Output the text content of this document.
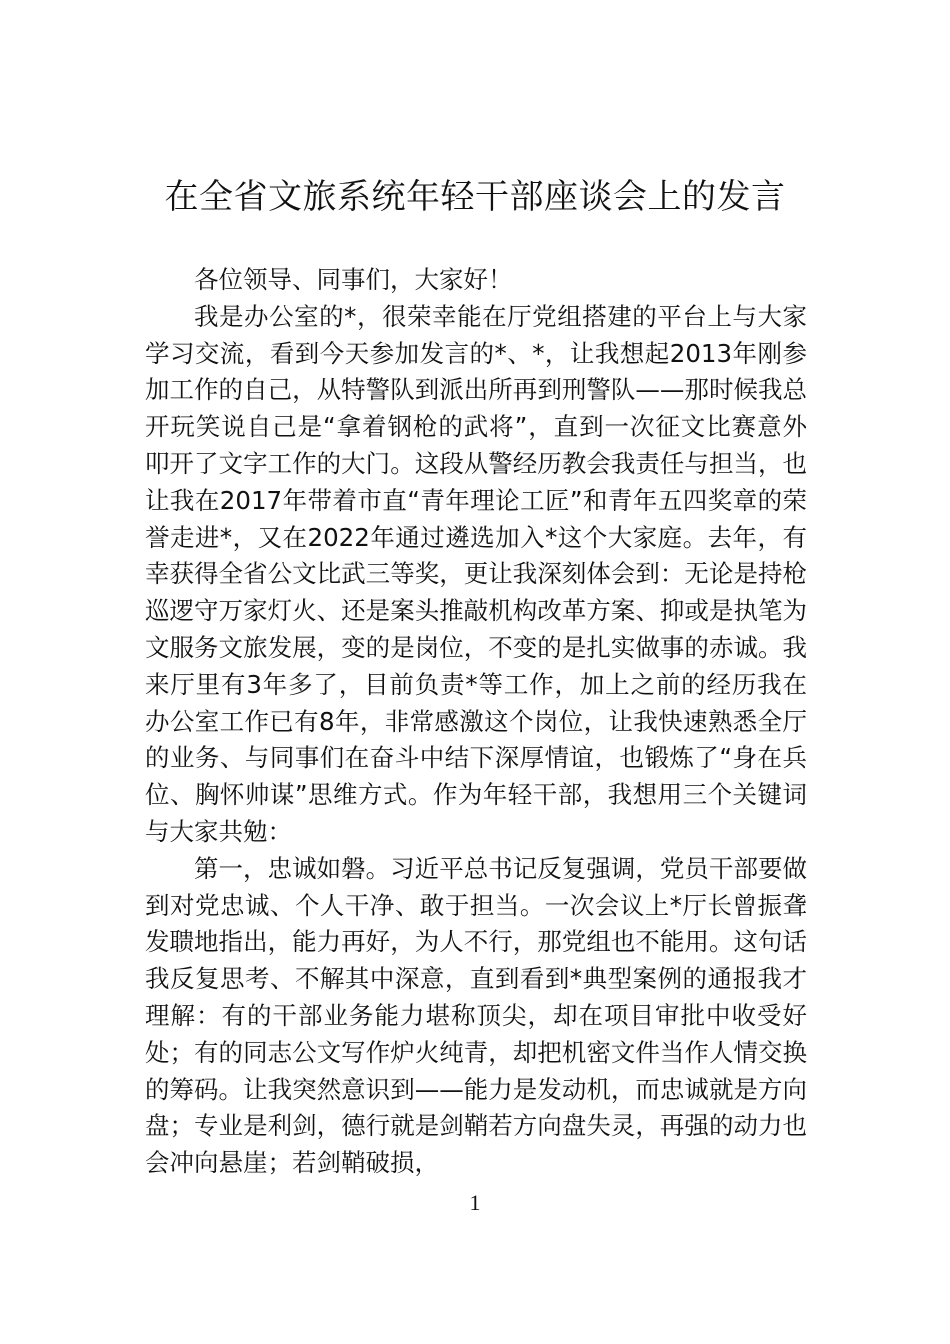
在全省文旅系统年轻干部座谈会上的发言

各位领导、同事们，大家好！

我是办公室的*，很荣幸能在厅党组搭建的平台上与大家学习交流，看到今天参加发言的*、*，让我想起2013年刚参加工作的自己，从特警队到派出所再到刑警队——那时候我总开玩笑说自己是“拿着钢枪的武将”，直到一次征文比赛意外叩开了文字工作的大门。这段从警经历教会我责任与担当，也让我在2017年带着市直“青年理论工匠”和青年五四奖章的荣誉走进*，又在2022年通过遴选加入*这个大家庭。去年，有幸获得全省公文比武三等奖，更让我深刻体会到：无论是持枪巡逻守万家灯火、还是案头推敲机构改革方案、抑或是执笔为文服务文旅发展，变的是岗位，不变的是扎实做事的赤诚。我来厅里有3年多了，目前负责*等工作，加上之前的经历我在办公室工作已有8年，非常感激这个岗位，让我快速熟悉全厅的业务、与同事们在奋斗中结下深厚情谊，也锻炼了“身在兵位、胸怀帅谋”思维方式。作为年轻干部，我想用三个关键词与大家共勉：

第一，忠诚如磐。习近平总书记反复强调，党员干部要做到对党忠诚、个人干净、敢于担当。一次会议上*厅长曾振聋发聩地指出，能力再好，为人不行，那党组也不能用。这句话我反复思考、不解其中深意，直到看到*典型案例的通报我才理解：有的干部业务能力堪称顶尖，却在项目审批中收受好处；有的同志公文写作炉火纯青，却把机密文件当作人情交换的筹码。让我突然意识到——能力是发动机，而忠诚就是方向盘；专业是利剑，德行就是剑鞘若方向盘失灵，再强的动力也会冲向悬崖；若剑鞘破损，

1
